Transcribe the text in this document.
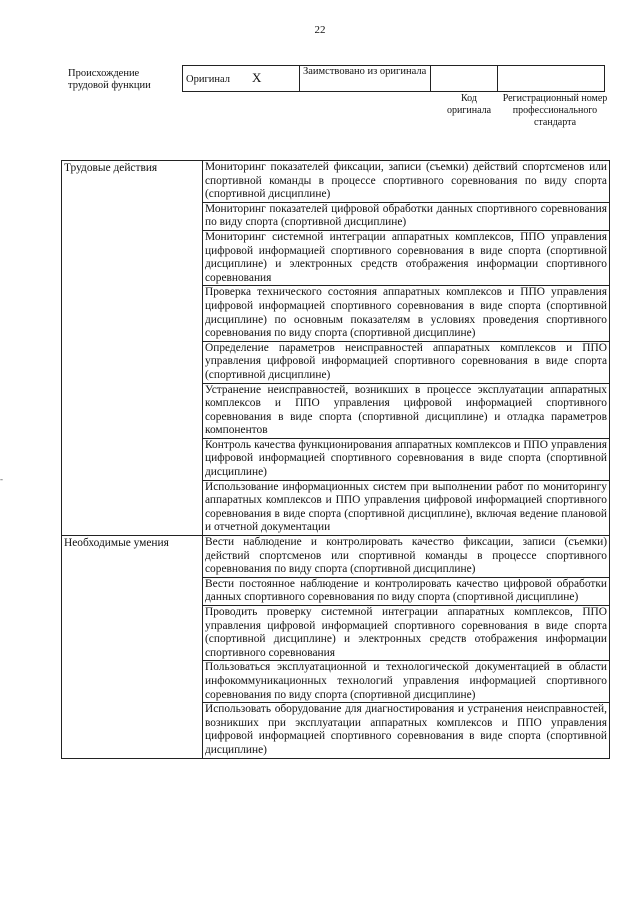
22
Происхождение трудовой функции
Оригинал X	Заимствовано из оригинала		
Код оригинала
Регистрационный номер профессионального стандарта
-
Трудовые действия	Мониторинг показателей фиксации, записи (съемки) действий спортсменов или спортивной команды в процессе спортивного соревнования по виду спорта (спортивной дисциплине)
	Мониторинг показателей цифровой обработки данных спортивного соревнования по виду спорта (спортивной дисциплине)
	Мониторинг системной интеграции аппаратных комплексов, ППО управления цифровой информацией спортивного соревнования в виде спорта (спортивной дисциплине) и электронных средств отображения информации спортивного соревнования
	Проверка технического состояния аппаратных комплексов и ППО управления цифровой информацией спортивного соревнования в виде спорта (спортивной дисциплине) по основным показателям в условиях проведения спортивного соревнования по виду спорта (спортивной дисциплине)
	Определение параметров неисправностей аппаратных комплексов и ППО управления цифровой информацией спортивного соревнования в виде спорта (спортивной дисциплине)
	Устранение неисправностей, возникших в процессе эксплуатации аппаратных комплексов и ППО управления цифровой информацией спортивного соревнования в виде спорта (спортивной дисциплине) и отладка параметров компонентов
	Контроль качества функционирования аппаратных комплексов и ППО управления цифровой информацией спортивного соревнования в виде спорта (спортивной дисциплине)
	Использование информационных систем при выполнении работ по мониторингу аппаратных комплексов и ППО управления цифровой информацией спортивного соревнования в виде спорта (спортивной дисциплине), включая ведение плановой и отчетной документации
Необходимые умения	Вести наблюдение и контролировать качество фиксации, записи (съемки) действий спортсменов или спортивной команды в процессе спортивного соревнования по виду спорта (спортивной дисциплине)
	Вести постоянное наблюдение и контролировать качество цифровой обработки данных спортивного соревнования по виду спорта (спортивной дисциплине)
	Проводить проверку системной интеграции аппаратных комплексов, ППО управления цифровой информацией спортивного соревнования в виде спорта (спортивной дисциплине) и электронных средств отображения информации спортивного соревнования
	Пользоваться эксплуатационной и технологической документацией в области инфокоммуникационных технологий управления информацией спортивного соревнования по виду спорта (спортивной дисциплине)
	Использовать оборудование для диагностирования и устранения неисправностей, возникших при эксплуатации аппаратных комплексов и ППО управления цифровой информацией спортивного соревнования в виде спорта (спортивной дисциплине)
